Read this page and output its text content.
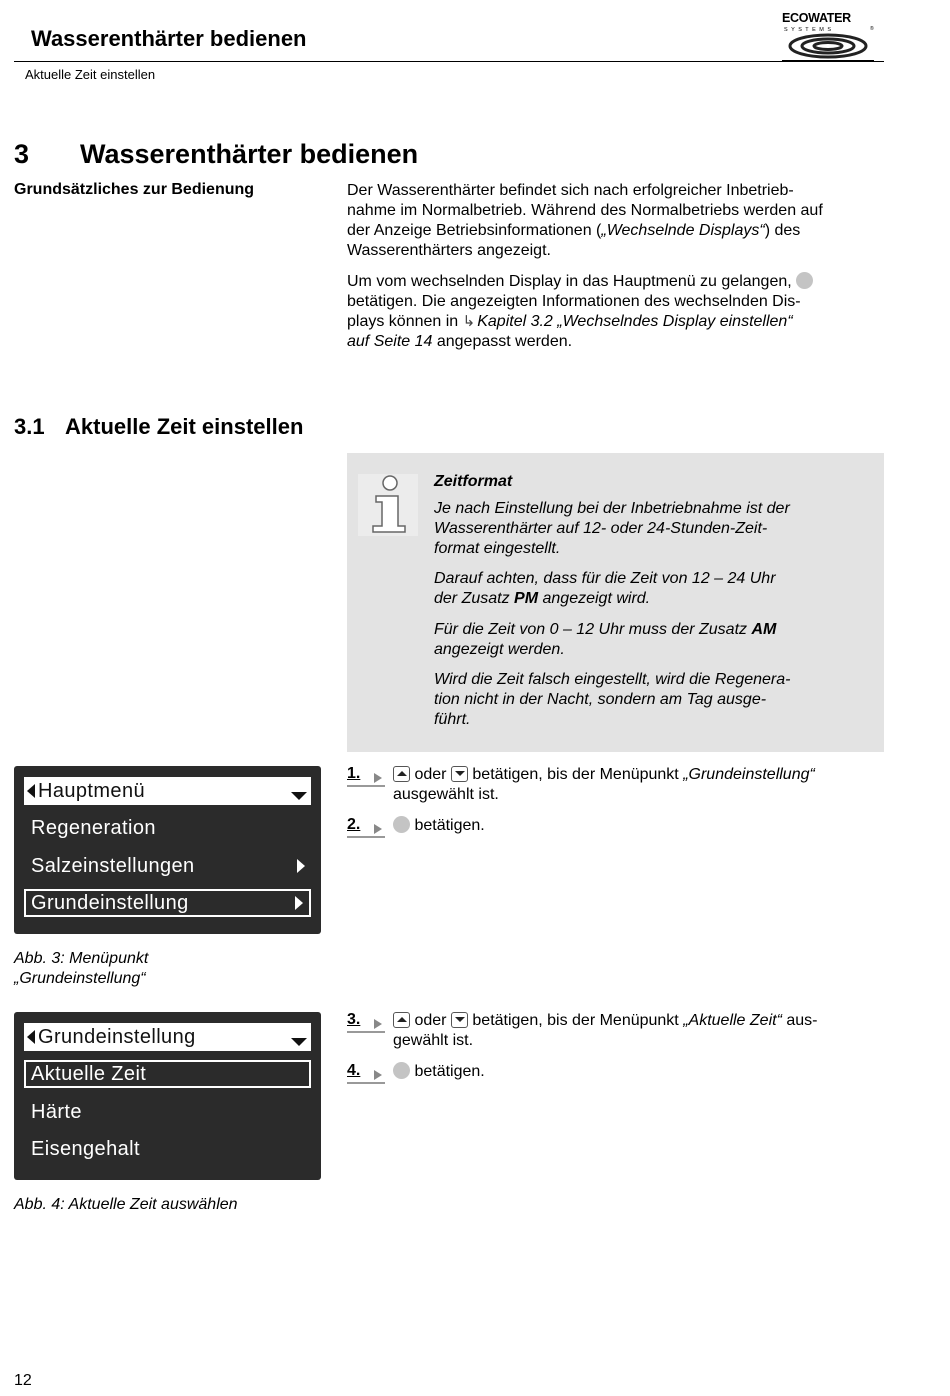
Wasserenthärter bedienen
Aktuelle Zeit einstellen
ECOWATER
S Y S T E M S	®
3 Wasserenthärter bedienen
Grundsätzliches zur Bedienung	Der Wasserenthärter befindet sich nach erfolgreicher Inbetrieb-
nahme im Normalbetrieb. Während des Normalbetriebs werden auf
der Anzeige Betriebsinformationen („Wechselnde Displays“) des
Wasserenthärters angezeigt.
Um vom wechselnden Display in das Hauptmenü zu gelangen,
betätigen. Die angezeigten Informationen des wechselnden Dis-
plays können in ↳ Kapitel 3.2 „Wechselndes Display einstellen“
auf Seite 14 angepasst werden.
3.1 Aktuelle Zeit einstellen
Zeitformat
Je nach Einstellung bei der Inbetriebnahme ist der
Wasserenthärter auf 12- oder 24-Stunden-Zeit-
format eingestellt.
Darauf achten, dass für die Zeit von 12 – 24 Uhr
der Zusatz PM angezeigt wird.
Für die Zeit von 0 – 12 Uhr muss der Zusatz AM
angezeigt werden.
Wird die Zeit falsch eingestellt, wird die Regenera-
tion nicht in der Nacht, sondern am Tag ausge-
führt.
Hauptmenü
Regeneration
Salzeinstellungen
Grundeinstellung
Abb. 3: Menüpunkt
„Grundeinstellung“
Grundeinstellung
Aktuelle Zeit
Härte
Eisengehalt
Abb. 4: Aktuelle Zeit auswählen
1.	oder betätigen, bis der Menüpunkt „Grundeinstellung“
ausgewählt ist.
2.	betätigen.
3.	oder betätigen, bis der Menüpunkt „Aktuelle Zeit“ aus-
gewählt ist.
4.	betätigen.
12
